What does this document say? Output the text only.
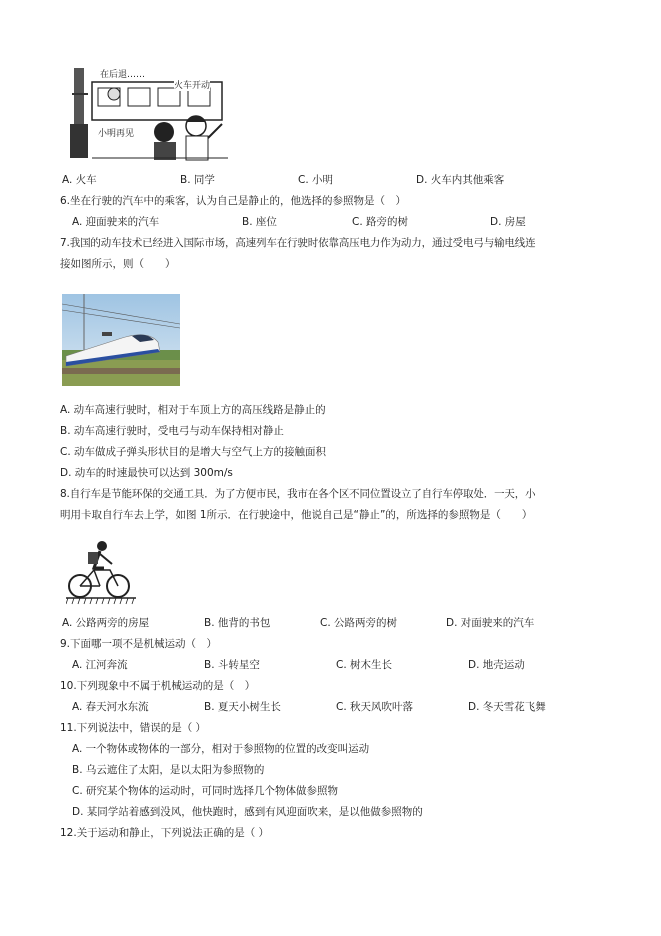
在后退……
火车开动
小明再见
A. 火车	B. 同学	C. 小明	D. 火车内其他乘客
6.坐在行驶的汽车中的乘客，认为自己是静止的，他选择的参照物是（　）
A. 迎面驶来的汽车	B. 座位	C. 路旁的树	D. 房屋
7.我国的动车技术已经进入国际市场，高速列车在行驶时依靠高压电力作为动力，通过受电弓与输电线连
接如图所示，则（　　）
A. 动车高速行驶时，相对于车顶上方的高压线路是静止的
B. 动车高速行驶时，受电弓与动车保持相对静止
C. 动车做成子弹头形状目的是增大与空气上方的接触面积
D. 动车的时速最快可以达到 300m/s
8.自行车是节能环保的交通工具．为了方便市民，我市在各个区不同位置设立了自行车停取处．一天，小
明用卡取自行车去上学，如图 1所示．在行驶途中，他说自己是“静止”的，所选择的参照物是（　　）
A. 公路两旁的房屋	B. 他背的书包	C. 公路两旁的树	D. 对面驶来的汽车
9.下面哪一项不是机械运动（　）
A. 江河奔流	B. 斗转星空	C. 树木生长	D. 地壳运动
10.下列现象中不属于机械运动的是（　）
A. 春天河水东流	B. 夏天小树生长	C. 秋天风吹叶落	D. 冬天雪花飞舞
11.下列说法中，错误的是（ ）
A. 一个物体或物体的一部分，相对于参照物的位置的改变叫运动
B. 乌云遮住了太阳，是以太阳为参照物的
C. 研究某个物体的运动时，可同时选择几个物体做参照物
D. 某同学站着感到没风，他快跑时，感到有风迎面吹来，是以他做参照物的
12.关于运动和静止，下列说法正确的是（ ）
